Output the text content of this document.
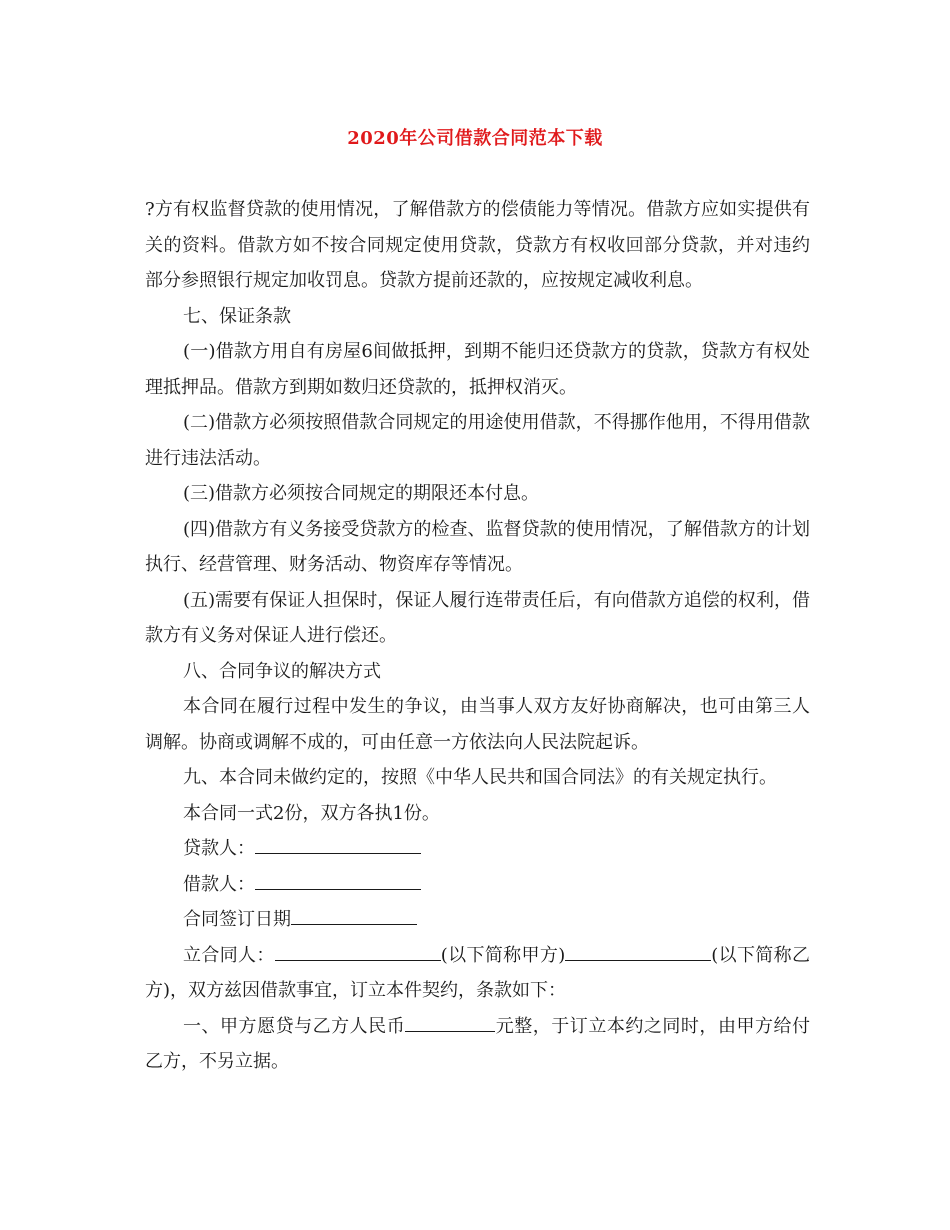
2020年公司借款合同范本下载

?方有权监督贷款的使用情况，了解借款方的偿债能力等情况。借款方应如实提供有关的资料。借款方如不按合同规定使用贷款，贷款方有权收回部分贷款，并对违约部分参照银行规定加收罚息。贷款方提前还款的，应按规定减收利息。

七、保证条款

(一)借款方用自有房屋6间做抵押，到期不能归还贷款方的贷款，贷款方有权处理抵押品。借款方到期如数归还贷款的，抵押权消灭。

(二)借款方必须按照借款合同规定的用途使用借款，不得挪作他用，不得用借款进行违法活动。

(三)借款方必须按合同规定的期限还本付息。

(四)借款方有义务接受贷款方的检查、监督贷款的使用情况，了解借款方的计划执行、经营管理、财务活动、物资库存等情况。

(五)需要有保证人担保时，保证人履行连带责任后，有向借款方追偿的权利，借款方有义务对保证人进行偿还。

八、合同争议的解决方式

本合同在履行过程中发生的争议，由当事人双方友好协商解决，也可由第三人调解。协商或调解不成的，可由任意一方依法向人民法院起诉。

九、本合同未做约定的，按照《中华人民共和国合同法》的有关规定执行。

本合同一式2份，双方各执1份。

贷款人：

借款人：

合同签订日期

立合同人：	(以下简称甲方)	(以下简称乙方)，双方兹因借款事宜，订立本件契约，条款如下：

一、甲方愿贷与乙方人民币	元整，于订立本约之同时，由甲方给付乙方，不另立据。
